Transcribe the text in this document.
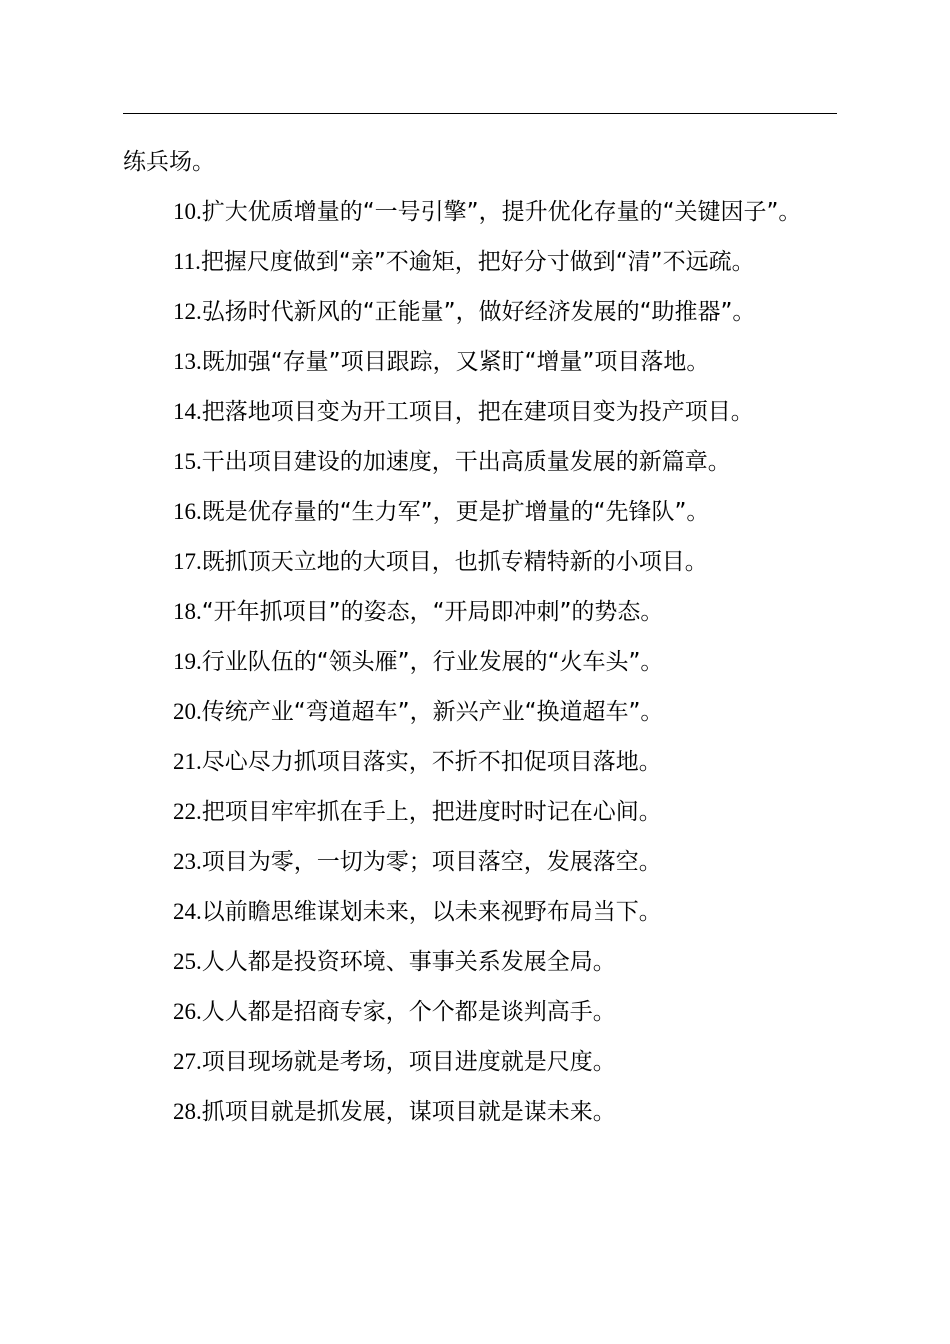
练兵场。

10.扩大优质增量的“一号引擎”，提升优化存量的“关键因子”。

11.把握尺度做到“亲”不逾矩，把好分寸做到“清”不远疏。

12.弘扬时代新风的“正能量”，做好经济发展的“助推器”。

13.既加强“存量”项目跟踪，又紧盯“增量”项目落地。

14.把落地项目变为开工项目，把在建项目变为投产项目。

15.干出项目建设的加速度，干出高质量发展的新篇章。

16.既是优存量的“生力军”，更是扩增量的“先锋队”。

17.既抓顶天立地的大项目，也抓专精特新的小项目。

18.“开年抓项目”的姿态，“开局即冲刺”的势态。

19.行业队伍的“领头雁”，行业发展的“火车头”。

20.传统产业“弯道超车”，新兴产业“换道超车”。

21.尽心尽力抓项目落实，不折不扣促项目落地。

22.把项目牢牢抓在手上，把进度时时记在心间。

23.项目为零，一切为零；项目落空，发展落空。

24.以前瞻思维谋划未来，以未来视野布局当下。

25.人人都是投资环境、事事关系发展全局。

26.人人都是招商专家，个个都是谈判高手。

27.项目现场就是考场，项目进度就是尺度。

28.抓项目就是抓发展，谋项目就是谋未来。
